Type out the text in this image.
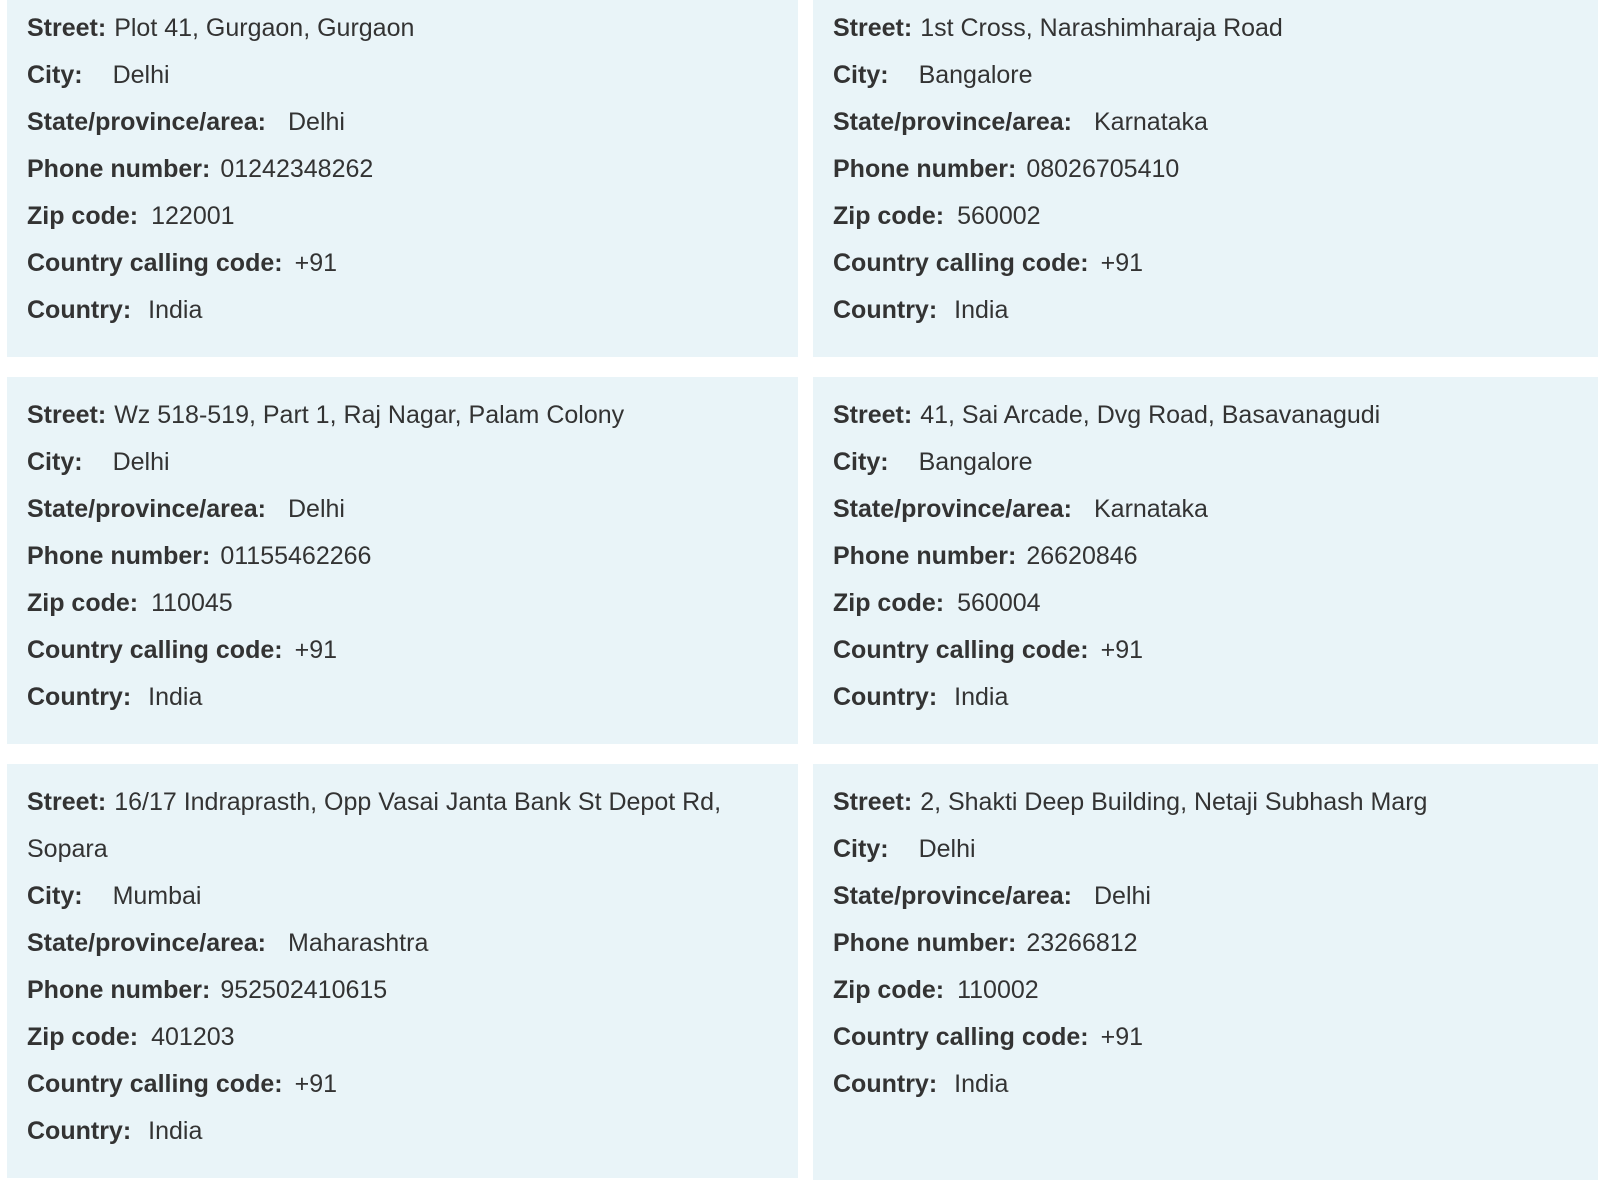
Street: Plot 41, Gurgaon, Gurgaon
City: Delhi
State/province/area: Delhi
Phone number: 01242348262
Zip code: 122001
Country calling code: +91
Country: India
Street: 1st Cross, Narashimharaja Road
City: Bangalore
State/province/area: Karnataka
Phone number: 08026705410
Zip code: 560002
Country calling code: +91
Country: India
Street: Wz 518-519, Part 1, Raj Nagar, Palam Colony
City: Delhi
State/province/area: Delhi
Phone number: 01155462266
Zip code: 110045
Country calling code: +91
Country: India
Street: 41, Sai Arcade, Dvg Road, Basavanagudi
City: Bangalore
State/province/area: Karnataka
Phone number: 26620846
Zip code: 560004
Country calling code: +91
Country: India
Street: 16/17 Indraprasth, Opp Vasai Janta Bank St Depot Rd, Sopara
City: Mumbai
State/province/area: Maharashtra
Phone number: 952502410615
Zip code: 401203
Country calling code: +91
Country: India
Street: 2, Shakti Deep Building, Netaji Subhash Marg
City: Delhi
State/province/area: Delhi
Phone number: 23266812
Zip code: 110002
Country calling code: +91
Country: India
